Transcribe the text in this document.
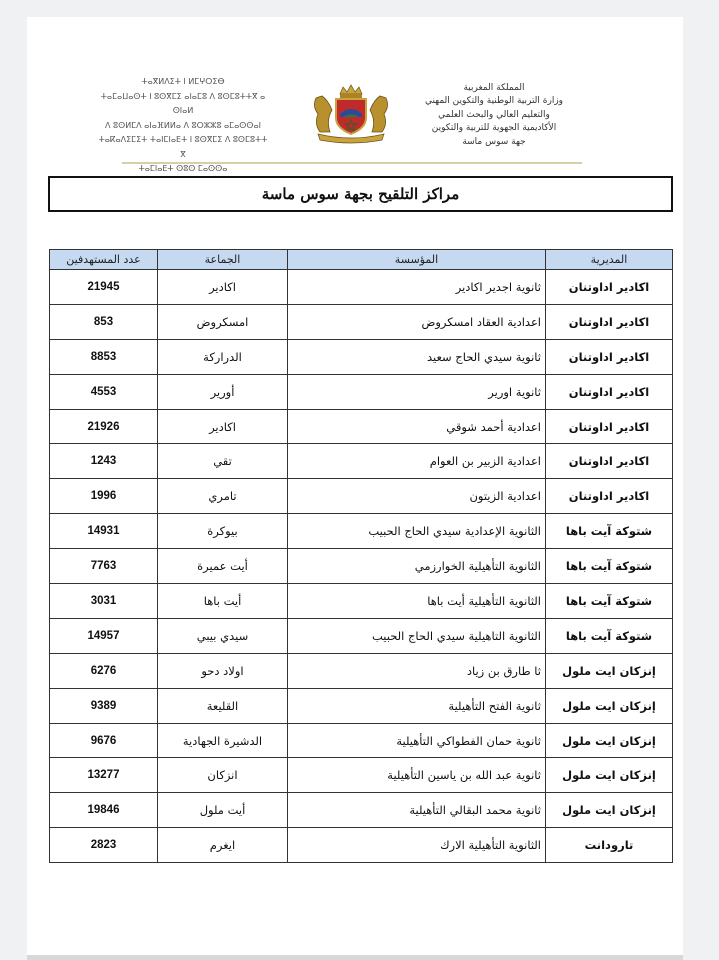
ⵜⴰⴳⵍⴷⵉⵜ ⵏ ⵍⵎⵖⵔⵉⴱ
ⵜⴰⵎⴰⵡⴰⵙⵜ ⵏ ⵓⵙⴳⵎⵉ ⴰⵏⴰⵎⵓ ⴷ ⵓⵙⵎⵓⵜⵜⴳ ⴰⵙⵏⴰⵍ
ⴷ ⵓⵙⵍⵎⴷ ⴰⵏⴰⴼⵍⵍⴰ ⴷ ⵓⵔⵣⵣⵓ ⴰⵎⴰⵙⵙⴰⵏ
ⵜⴰⴽⴰⴷⵉⵎⵉⵜ ⵜⴰⵏⵎⵏⴰⴹⵜ ⵏ ⵓⵙⴳⵎⵉ ⴷ ⵓⵙⵎⵓⵜⵜⴳ
ⵜⴰⵎⵏⴰⴹⵜ ⵙⵓⵙ ⵎⴰⵙⵙⴰ
المملكة المغربية
وزارة التربية الوطنية والتكوين المهني
والتعليم العالي والبحث العلمي
الأكاديمية الجهوية للتربية والتكوين
جهة سوس ماسة
مراكز التلقيح بجهة سوس ماسة
المديرية	المؤسسة	الجماعة	عدد المستهدفين
اكادير اداوتنان	ثانوية اجدير اكادير	اكادير	21945
اكادير اداوتنان	اعدادية العقاد امسكروض	امسكروض	853
اكادير اداوتنان	ثانوية سيدي الحاج سعيد	الدراركة	8853
اكادير اداوتنان	ثانوية اورير	أورير	4553
اكادير اداوتنان	اعدادية أحمد شوقي	اكادير	21926
اكادير اداوتنان	اعدادية الزبير بن العوام	تقي	1243
اكادير اداوتنان	اعدادية الزيتون	تامري	1996
شتوكة آيت باها	الثانوية الإعدادية سيدي الحاج الحبيب	بيوكرة	14931
شتوكة آيت باها	الثانوية التأهيلية الخوارزمي	أيت عميرة	7763
شتوكة آيت باها	الثانوية التأهيلية أيت باها	أيت باها	3031
شتوكة آيت باها	الثانوية التاهيلية سيدي الحاج الحبيب	سيدي بيبي	14957
إنزكان ايت ملول	ثا طارق بن زياد	اولاد دحو	6276
إنزكان ايت ملول	ثانوية الفتح التأهيلية	القليعة	9389
إنزكان ايت ملول	ثانوية حمان الفطواكي التأهيلية	الدشيرة الجهادية	9676
إنزكان ايت ملول	ثانوية عبد الله بن ياسين التأهيلية	انزكان	13277
إنزكان ايت ملول	ثانوية محمد البقالي التأهيلية	أيت ملول	19846
تارودانت	الثانوية التأهيلية الارك	ايغرم	2823
